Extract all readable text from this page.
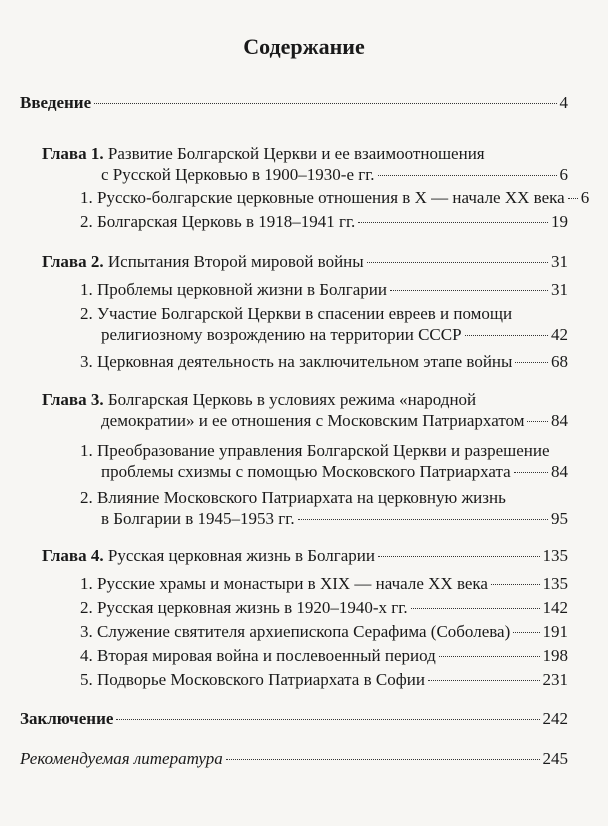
Содержание
Введение	4
Глава 1.
Развитие Болгарской Церкви и ее взаимоотношения
с Русской Церковью в 1900–1930-е гг.	6
1. Русско-болгарские церковные отношения в X — начале XX века 6
2. Болгарская Церковь в 1918–1941 гг.	19
Глава 2.
Испытания Второй мировой войны	31
1. Проблемы церковной жизни в Болгарии	31
2. Участие Болгарской Церкви в спасении евреев и помощи
религиозному возрождению на территории СССР	42
3. Церковная деятельность на заключительном этапе войны 68
Глава 3.
Болгарская Церковь в условиях режима «народной
демократии» и ее отношения с Московским Патриархатом 84
1. Преобразование управления Болгарской Церкви и разрешение
проблемы схизмы с помощью Московского Патриархата 84
2. Влияние Московского Патриархата на церковную жизнь
в Болгарии в 1945–1953 гг.	95
Глава 4.
Русская церковная жизнь в Болгарии	135
1. Русские храмы и монастыри в XIX — начале XX века	135
2. Русская церковная жизнь в 1920–1940-х гг.	142
3. Служение святителя архиепископа Серафима (Соболева) 191
4. Вторая мировая война и послевоенный период	198
5. Подворье Московского Патриархата в Софии	231
Заключение	242
Рекомендуемая литература	245
